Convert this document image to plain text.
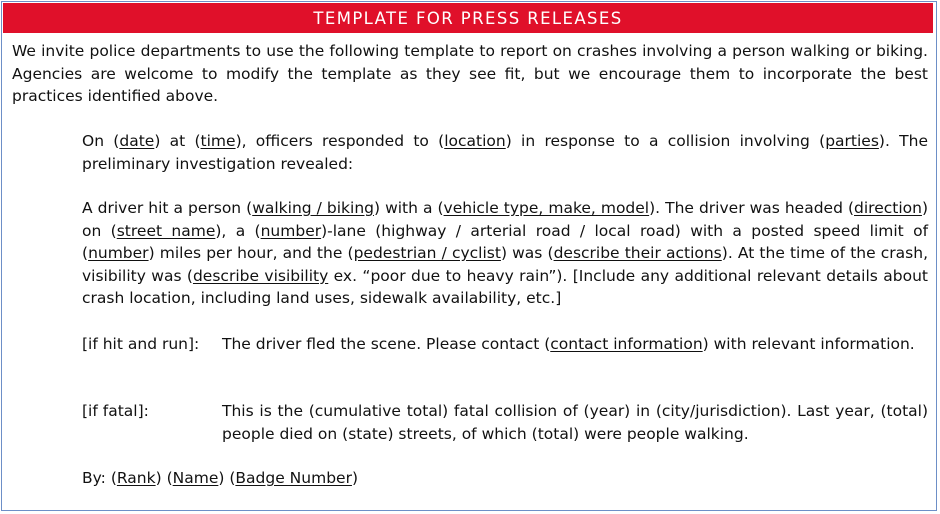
TEMPLATE FOR PRESS RELEASES
We invite police departments to use the following template to report on crashes involving a person walking or biking. Agencies are welcome to modify the template as they see fit, but we encourage them to incorporate the best practices identified above.
On (date) at (time), officers responded to (location) in response to a collision involving (parties). The preliminary investigation revealed:
A driver hit a person (walking / biking) with a (vehicle type, make, model). The driver was headed (direction) on (street name), a (number)-lane (highway / arterial road / local road) with a posted speed limit of (number) miles per hour, and the (pedestrian / cyclist) was (describe their actions). At the time of the crash, visibility was (describe visibility ex. “poor due to heavy rain”). [Include any additional relevant details about crash location, including land uses, sidewalk availability, etc.]
[if hit and run]: The driver fled the scene. Please contact (contact information) with relevant information.
[if fatal]:	This is the (cumulative total) fatal collision of (year) in (city/jurisdiction). Last year, (total) people died on (state) streets, of which (total) were people walking.
By: (Rank) (Name) (Badge Number)
